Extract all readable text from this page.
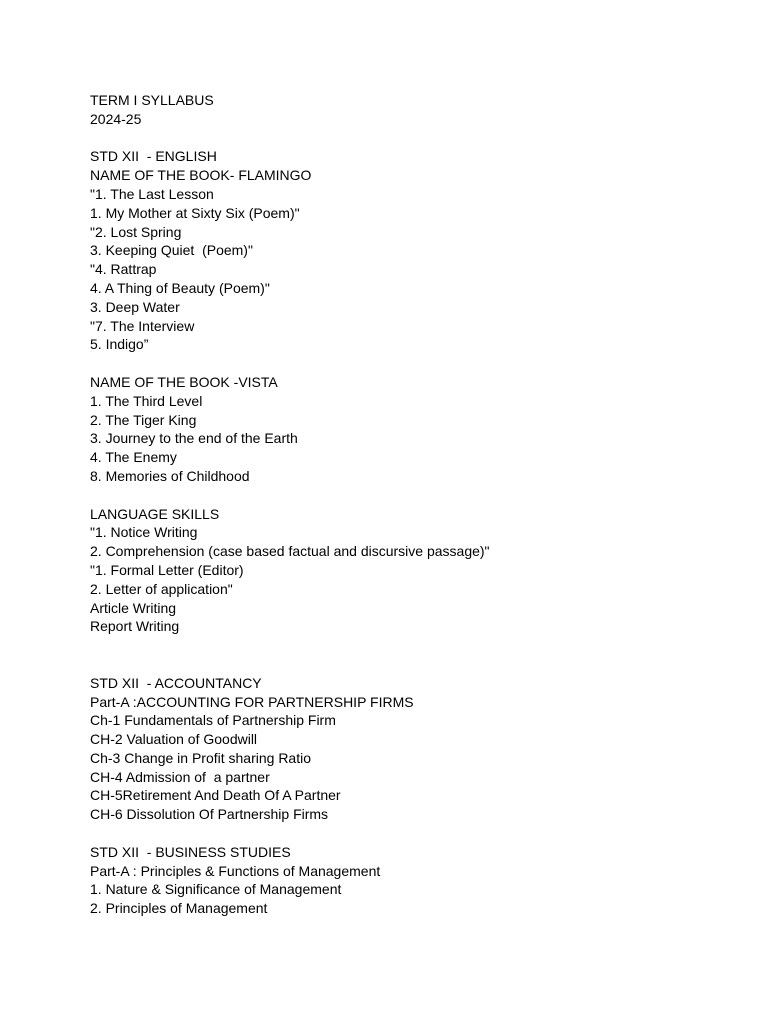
TERM I SYLLABUS
2024-25
STD XII  - ENGLISH
NAME OF THE BOOK- FLAMINGO
"1. The Last Lesson
1. My Mother at Sixty Six (Poem)"
"2. Lost Spring
3. Keeping Quiet  (Poem)"
"4. Rattrap
4. A Thing of Beauty (Poem)"
3. Deep Water
"7. The Interview
5. Indigo”
NAME OF THE BOOK -VISTA
1. The Third Level
2. The Tiger King
3. Journey to the end of the Earth
4. The Enemy
8. Memories of Childhood
LANGUAGE SKILLS
"1. Notice Writing
2. Comprehension (case based factual and discursive passage)"
"1. Formal Letter (Editor)
2. Letter of application"
Article Writing
Report Writing
STD XII  - ACCOUNTANCY
Part-A :ACCOUNTING FOR PARTNERSHIP FIRMS
Ch-1 Fundamentals of Partnership Firm
CH-2 Valuation of Goodwill
Ch-3 Change in Profit sharing Ratio
CH-4 Admission of  a partner
CH-5Retirement And Death Of A Partner
CH-6 Dissolution Of Partnership Firms
STD XII  - BUSINESS STUDIES
Part-A : Principles & Functions of Management
1. Nature & Significance of Management
2. Principles of Management
